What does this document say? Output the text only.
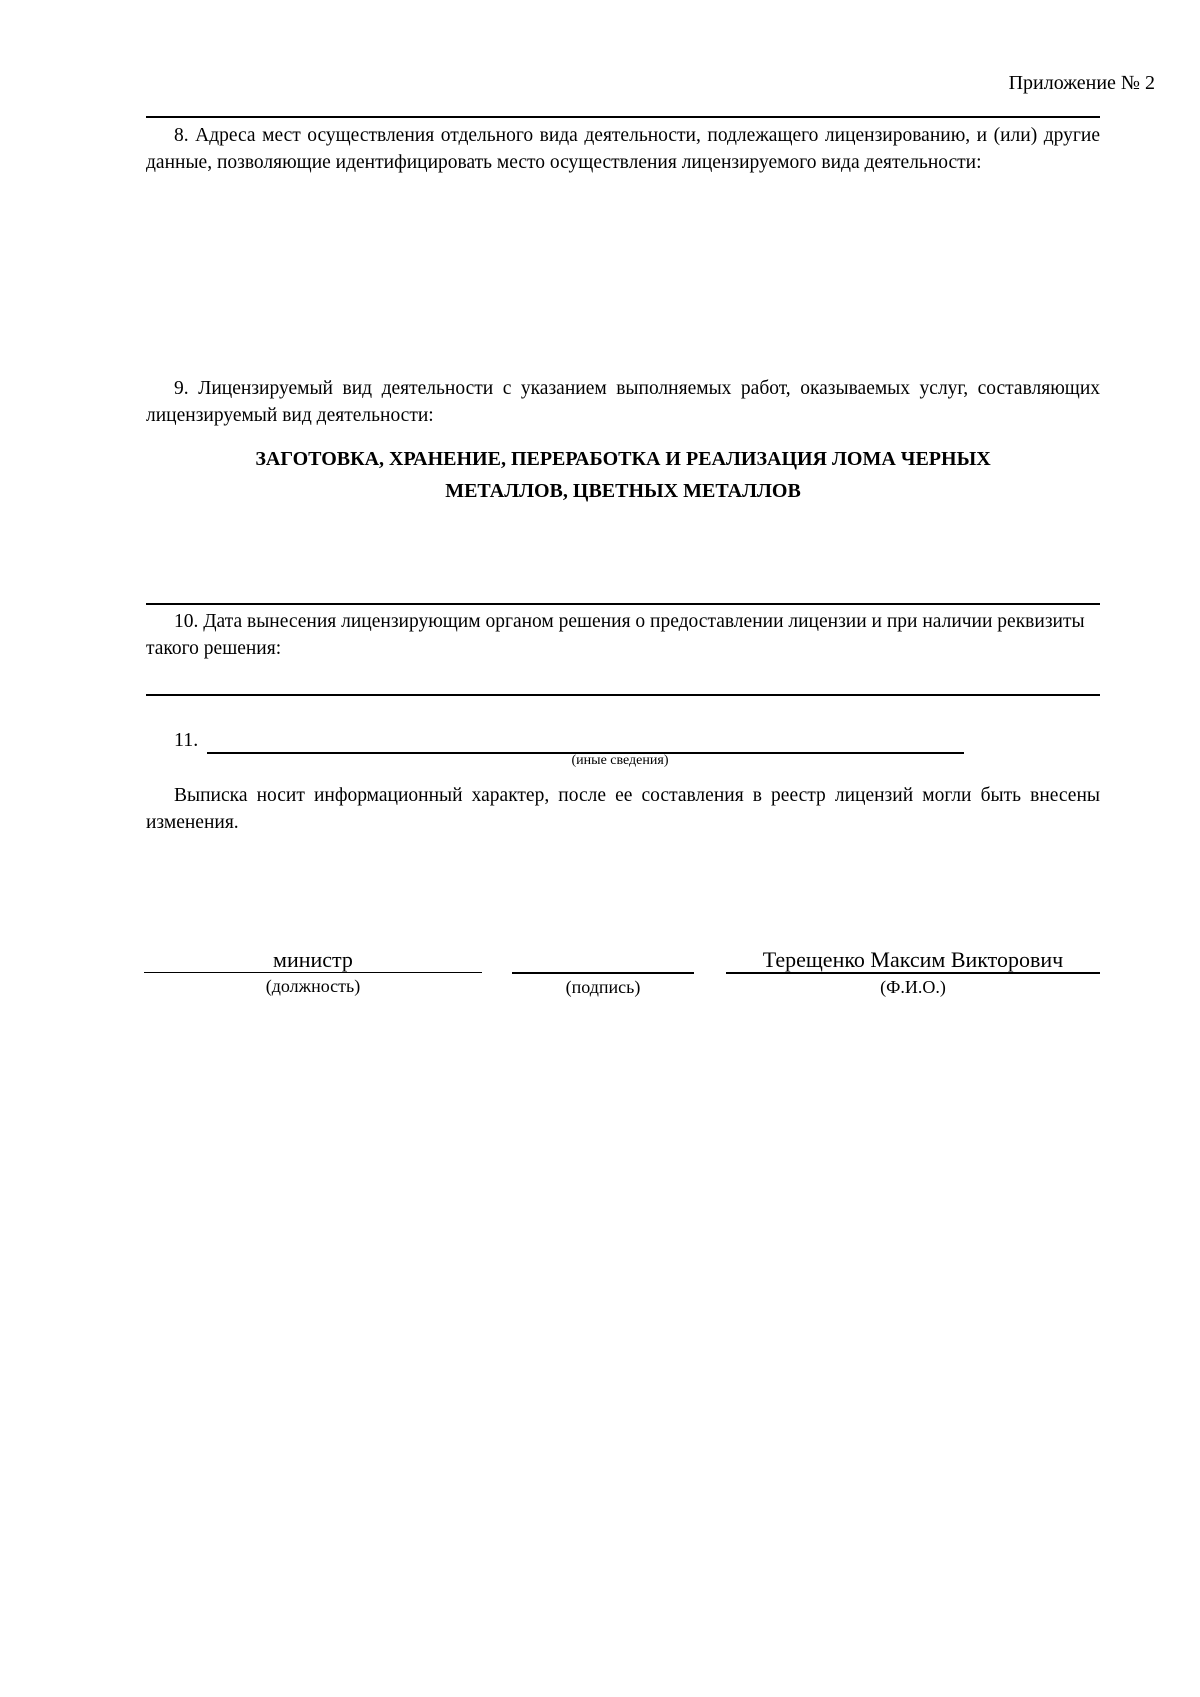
Приложение № 2
8. Адреса мест осуществления отдельного вида деятельности, подлежащего лицензированию, и (или) другие данные, позволяющие идентифицировать место осуществления лицензируемого вида деятельности:
9. Лицензируемый вид деятельности с указанием выполняемых работ, оказываемых услуг, составляющих лицензируемый вид деятельности:
ЗАГОТОВКА, ХРАНЕНИЕ, ПЕРЕРАБОТКА И РЕАЛИЗАЦИЯ ЛОМА ЧЕРНЫХ
МЕТАЛЛОВ, ЦВЕТНЫХ МЕТАЛЛОВ
10. Дата вынесения лицензирующим органом решения о предоставлении лицензии и при наличии реквизиты такого решения:
11.
(иные сведения)
Выписка носит информационный характер, после ее составления в реестр лицензий могли быть внесены изменения.
министр
(должность)	(подпись)
Терещенко Максим Викторович
(Ф.И.О.)
